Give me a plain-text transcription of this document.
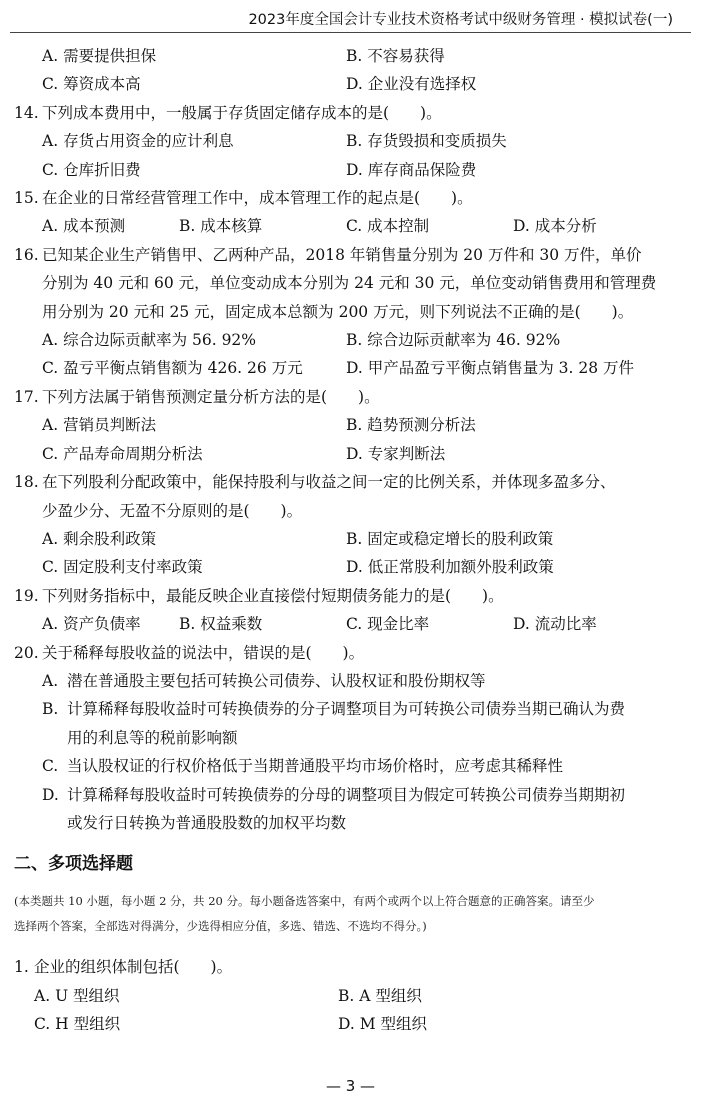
2023年度全国会计专业技术资格考试中级财务管理 · 模拟试卷(一)
A. 需要提供担保	B. 不容易获得
C. 筹资成本高	D. 企业没有选择权
14. 下列成本费用中，一般属于存货固定储存成本的是(　　)。
A. 存货占用资金的应计利息	B. 存货毁损和变质损失
C. 仓库折旧费	D. 库存商品保险费
15. 在企业的日常经营管理工作中，成本管理工作的起点是(　　)。
A. 成本预测	B. 成本核算	C. 成本控制	D. 成本分析
16. 已知某企业生产销售甲、乙两种产品，2018 年销售量分别为 20 万件和 30 万件，单价
分别为 40 元和 60 元，单位变动成本分别为 24 元和 30 元，单位变动销售费用和管理费
用分别为 20 元和 25 元，固定成本总额为 200 万元，则下列说法不正确的是(　　)。
A. 综合边际贡献率为 56. 92%	B. 综合边际贡献率为 46. 92%
C. 盈亏平衡点销售额为 426. 26 万元	D. 甲产品盈亏平衡点销售量为 3. 28 万件
17. 下列方法属于销售预测定量分析方法的是(　　)。
A. 营销员判断法	B. 趋势预测分析法
C. 产品寿命周期分析法	D. 专家判断法
18. 在下列股利分配政策中，能保持股利与收益之间一定的比例关系，并体现多盈多分、
少盈少分、无盈不分原则的是(　　)。
A. 剩余股利政策	B. 固定或稳定增长的股利政策
C. 固定股利支付率政策	D. 低正常股利加额外股利政策
19. 下列财务指标中，最能反映企业直接偿付短期债务能力的是(　　)。
A. 资产负债率	B. 权益乘数	C. 现金比率	D. 流动比率
20. 关于稀释每股收益的说法中，错误的是(　　)。
A. 潜在普通股主要包括可转换公司债券、认股权证和股份期权等
B. 计算稀释每股收益时可转换债券的分子调整项目为可转换公司债券当期已确认为费
用的利息等的税前影响额
C. 当认股权证的行权价格低于当期普通股平均市场价格时，应考虑其稀释性
D. 计算稀释每股收益时可转换债券的分母的调整项目为假定可转换公司债券当期期初
或发行日转换为普通股股数的加权平均数
二、多项选择题
(本类题共 10 小题，每小题 2 分，共 20 分。每小题备选答案中，有两个或两个以上符合题意的正确答案。请至少
选择两个答案，全部选对得满分，少选得相应分值，多选、错选、不选均不得分。)
1. 企业的组织体制包括(　　)。
A. U 型组织	B. A 型组织
C. H 型组织	D. M 型组织
— 3 —
